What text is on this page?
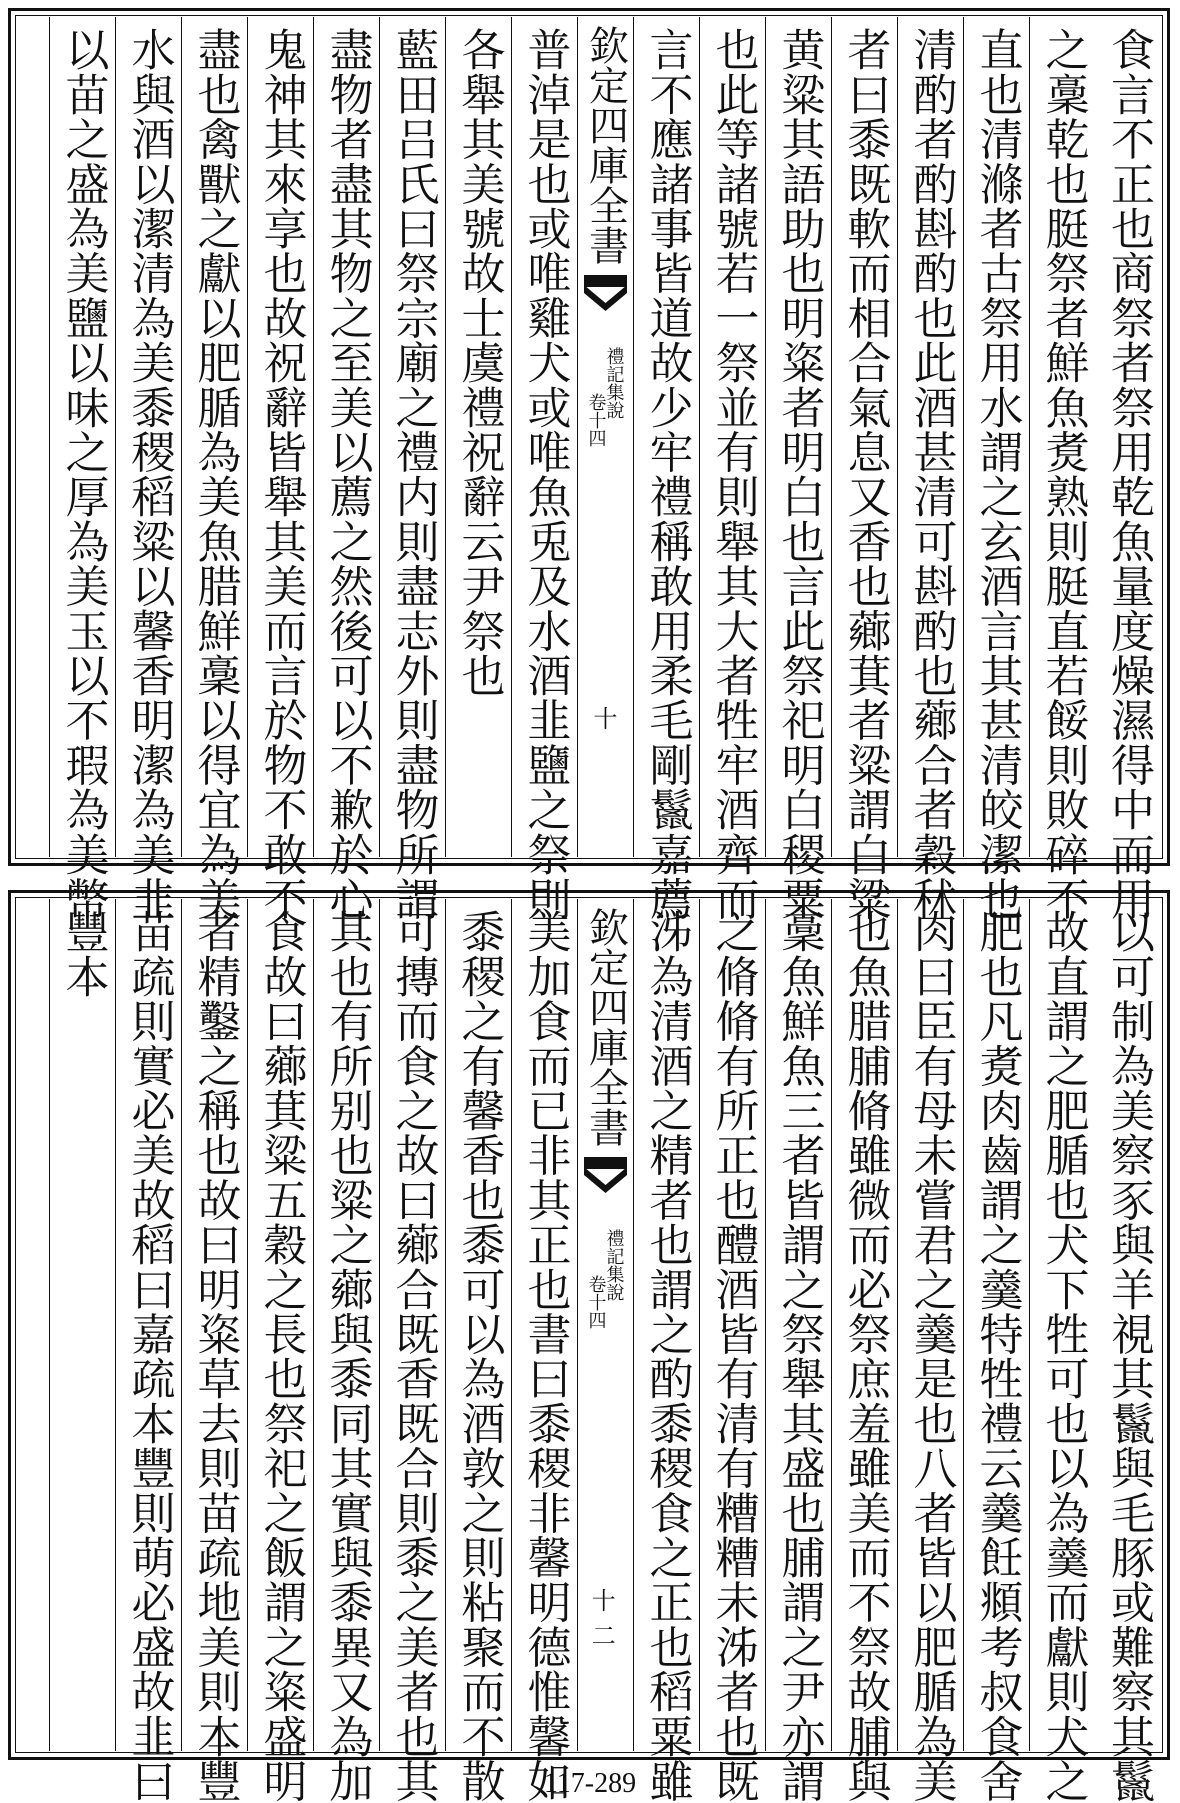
食言不正也商祭者祭用乾魚量度燥濕得中而用
之稾乾也脡祭者鮮魚煑熟則脡直若餒則敗碎不
直也清滌者古祭用水謂之玄酒言其甚清皎潔也
清酌者酌斟酌也此酒甚清可斟酌也薌合者穀秫
者曰黍既軟而相合氣息又香也薌萁者粱謂白粱
黄粱其語助也明粢者明白也言此祭祀明白稷粟
也此等諸號若一祭並有則舉其大者牲牢酒齊而
言不應諸事皆道故少牢禮稱敢用柔毛剛鬣嘉薦
欽定四庫全書
禮記集說
卷十四
十
普淖是也或唯雞犬或唯魚兎及水酒韭鹽之祭則
各舉其美號故士虞禮祝辭云尹祭也
藍田吕氏曰祭宗廟之禮内則盡志外則盡物所謂
盡物者盡其物之至美以薦之然後可以不歉於心
鬼神其來享也故祝辭皆舉其美而言於物不敢不
盡也禽獸之獻以肥腯為美魚腊鮮稾以得宜為美
水與酒以潔清為美黍稷稻粱以馨香明潔為美韭
以苗之盛為美鹽以味之厚為美玉以不瑕為美幣
以可制為美察豕與羊視其鬣與毛豚或難察其鬣
故直謂之肥腯也犬下牲可也以為羹而獻則犬之
肥也凡煑肉齒謂之羹特牲禮云羹飪頫考叔食舍
肉曰臣有母未嘗君之羹是也八者皆以肥腯為美
也魚腊脯脩雖微而必祭庶羞雖美而不祭故脯與
稾魚鮮魚三者皆謂之祭舉其盛也脯謂之尹亦謂
之脩脩有所正也醴酒皆有清有糟糟未泲者也既
泲為清酒之精者也謂之酌黍稷食之正也稻粟雖
欽定四庫全書
禮記集說
卷十四
十二
美加食而已非其正也書曰黍稷非馨明德惟馨如
黍稷之有馨香也黍可以為酒敦之則粘聚而不散
可摶而食之故曰薌合既香既合則黍之美者也其
其也有所别也粱之薌與黍同其實與黍異又為加
食故曰薌萁粱五穀之長也祭祀之飯謂之粢盛明
者精鑿之稱也故曰明粢草去則苗疏地美則本豐
苗疏則實必美故稻曰嘉疏本豐則萌必盛故韭曰
豐本
117-289
